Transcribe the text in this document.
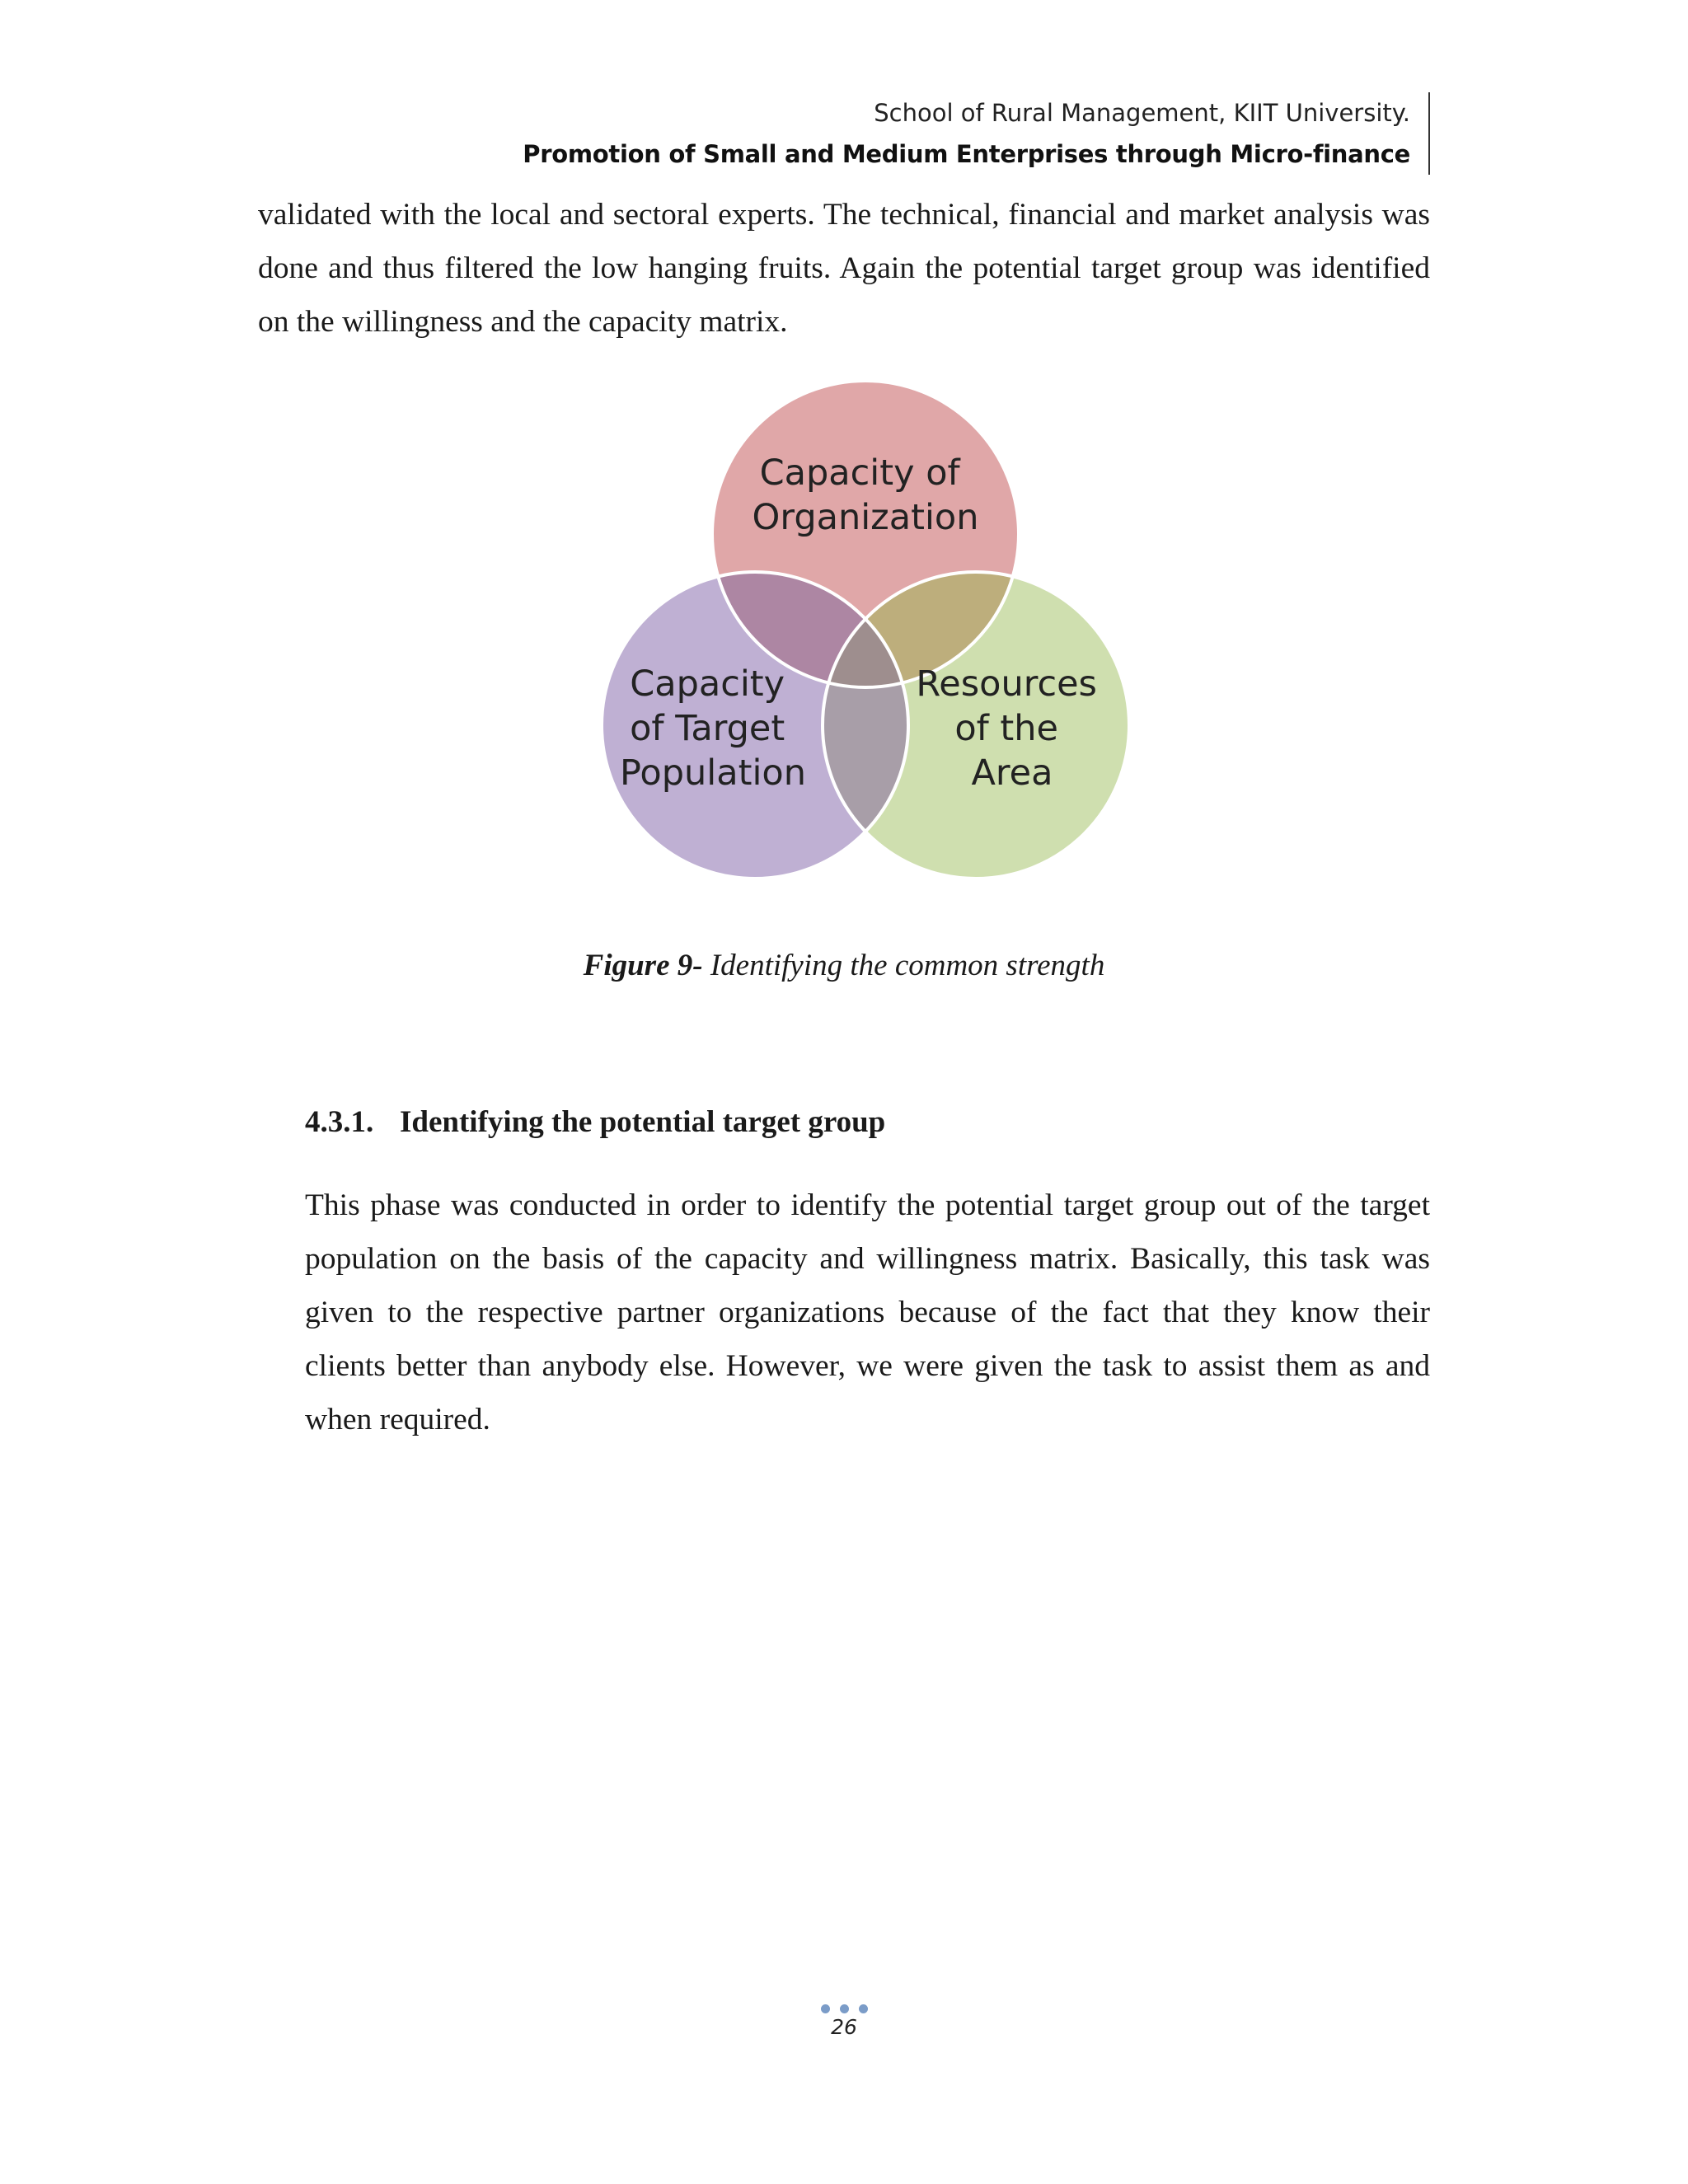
School of Rural Management, KIIT University.
Promotion of Small and Medium Enterprises through Micro-finance

validated with the local and sectoral experts. The technical, financial and market analysis was done and thus filtered the low hanging fruits. Again the potential target group was identified on the willingness and the capacity matrix.

Capacity of Organization
Capacity of Target Population
Resources of the Area
Figure 9- Identifying the common strength
4.3.1. Identifying the potential target group

This phase was conducted in order to identify the potential target group out of the target population on the basis of the capacity and willingness matrix. Basically, this task was given to the respective partner organizations because of the fact that they know their clients better than anybody else. However, we were given the task to assist them as and when required.

26
